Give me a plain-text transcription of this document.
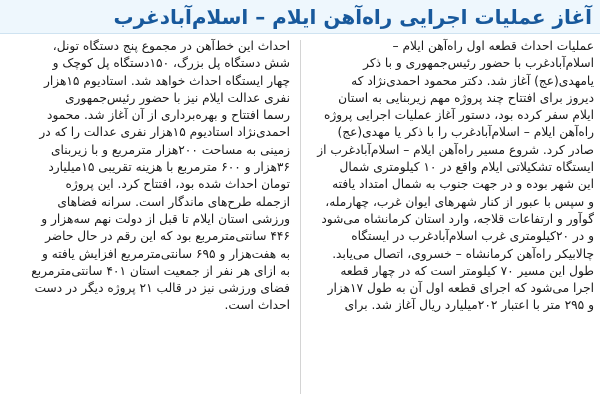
آغاز عملیات اجرایی راه‌آهن ایلام – اسلام‌آبادغرب
عملیات احداث قطعه اول راه‌آهن ایلام –
اسلام‌آبادغرب با حضور رئیس‌جمهوری و با ذکر
یامهدی(عج) آغاز شد. دکتر محمود احمدی‌نژاد که
دیروز برای افتتاح چند پروژه مهم زیربنایی به استان
ایلام سفر کرده بود، دستور آغاز عملیات اجرایی پروژه
راه‌آهن ایلام – اسلام‌آبادغرب را با ذکر یا مهدی(عج)
صادر کرد. شروع مسیر راه‌آهن ایلام – اسلام‌آبادغرب از
ایستگاه تشکیلاتی ایلام واقع در ۱۰ کیلومتری شمال
این شهر بوده و در جهت جنوب به شمال امتداد یافته
و سپس با عبور از کنار شهرهای ایوان غرب، چهارمله،
گوآور و ارتفاعات قلاجه، وارد استان کرمانشاه می‌شود
و در ۲۰کیلومتری غرب اسلام‌آبادغرب در ایستگاه
چالابیکر راه‌آهن کرمانشاه – خسروی، اتصال می‌یابد.
طول این مسیر ۷۰ کیلومتر است که در چهار قطعه
اجرا می‌شود که اجرای قطعه اول آن به طول ۱۷هزار
و ۲۹۵ متر با اعتبار ۲۰۲میلیارد ریال آغاز شد. برای
احداث این خط‌آهن در مجموع پنج دستگاه تونل،
شش دستگاه پل بزرگ، ۱۵۰دستگاه پل کوچک و
چهار ایستگاه احداث خواهد شد. استادیوم ۱۵هزار
نفری عدالت ایلام نیز با حضور رئیس‌جمهوری
رسما افتتاح و بهره‌برداری از آن آغاز شد. محمود
احمدی‌نژاد استادیوم ۱۵هزار نفری عدالت را که در
زمینی به مساحت ۲۰۰هزار مترمربع و با زیربنای
۳۶هزار و ۶۰۰ مترمربع با هزینه تقریبی ۱۵میلیارد
تومان احداث شده بود، افتتاح کرد. این پروژه
ازجمله طرح‌های ماندگار است. سرانه فضاهای
ورزشی استان ایلام تا قبل از دولت نهم سه‌هزار و
۴۴۶ سانتی‌مترمربع بود که این رقم در حال حاضر
به هفت‌هزار و ۶۹۵ سانتی‌مترمربع افزایش یافته و
به ازای هر نفر از جمعیت استان ۴۰۱ سانتی‌مترمربع
فضای ورزشی نیز در قالب ۲۱ پروژه دیگر در دست
احداث است.
